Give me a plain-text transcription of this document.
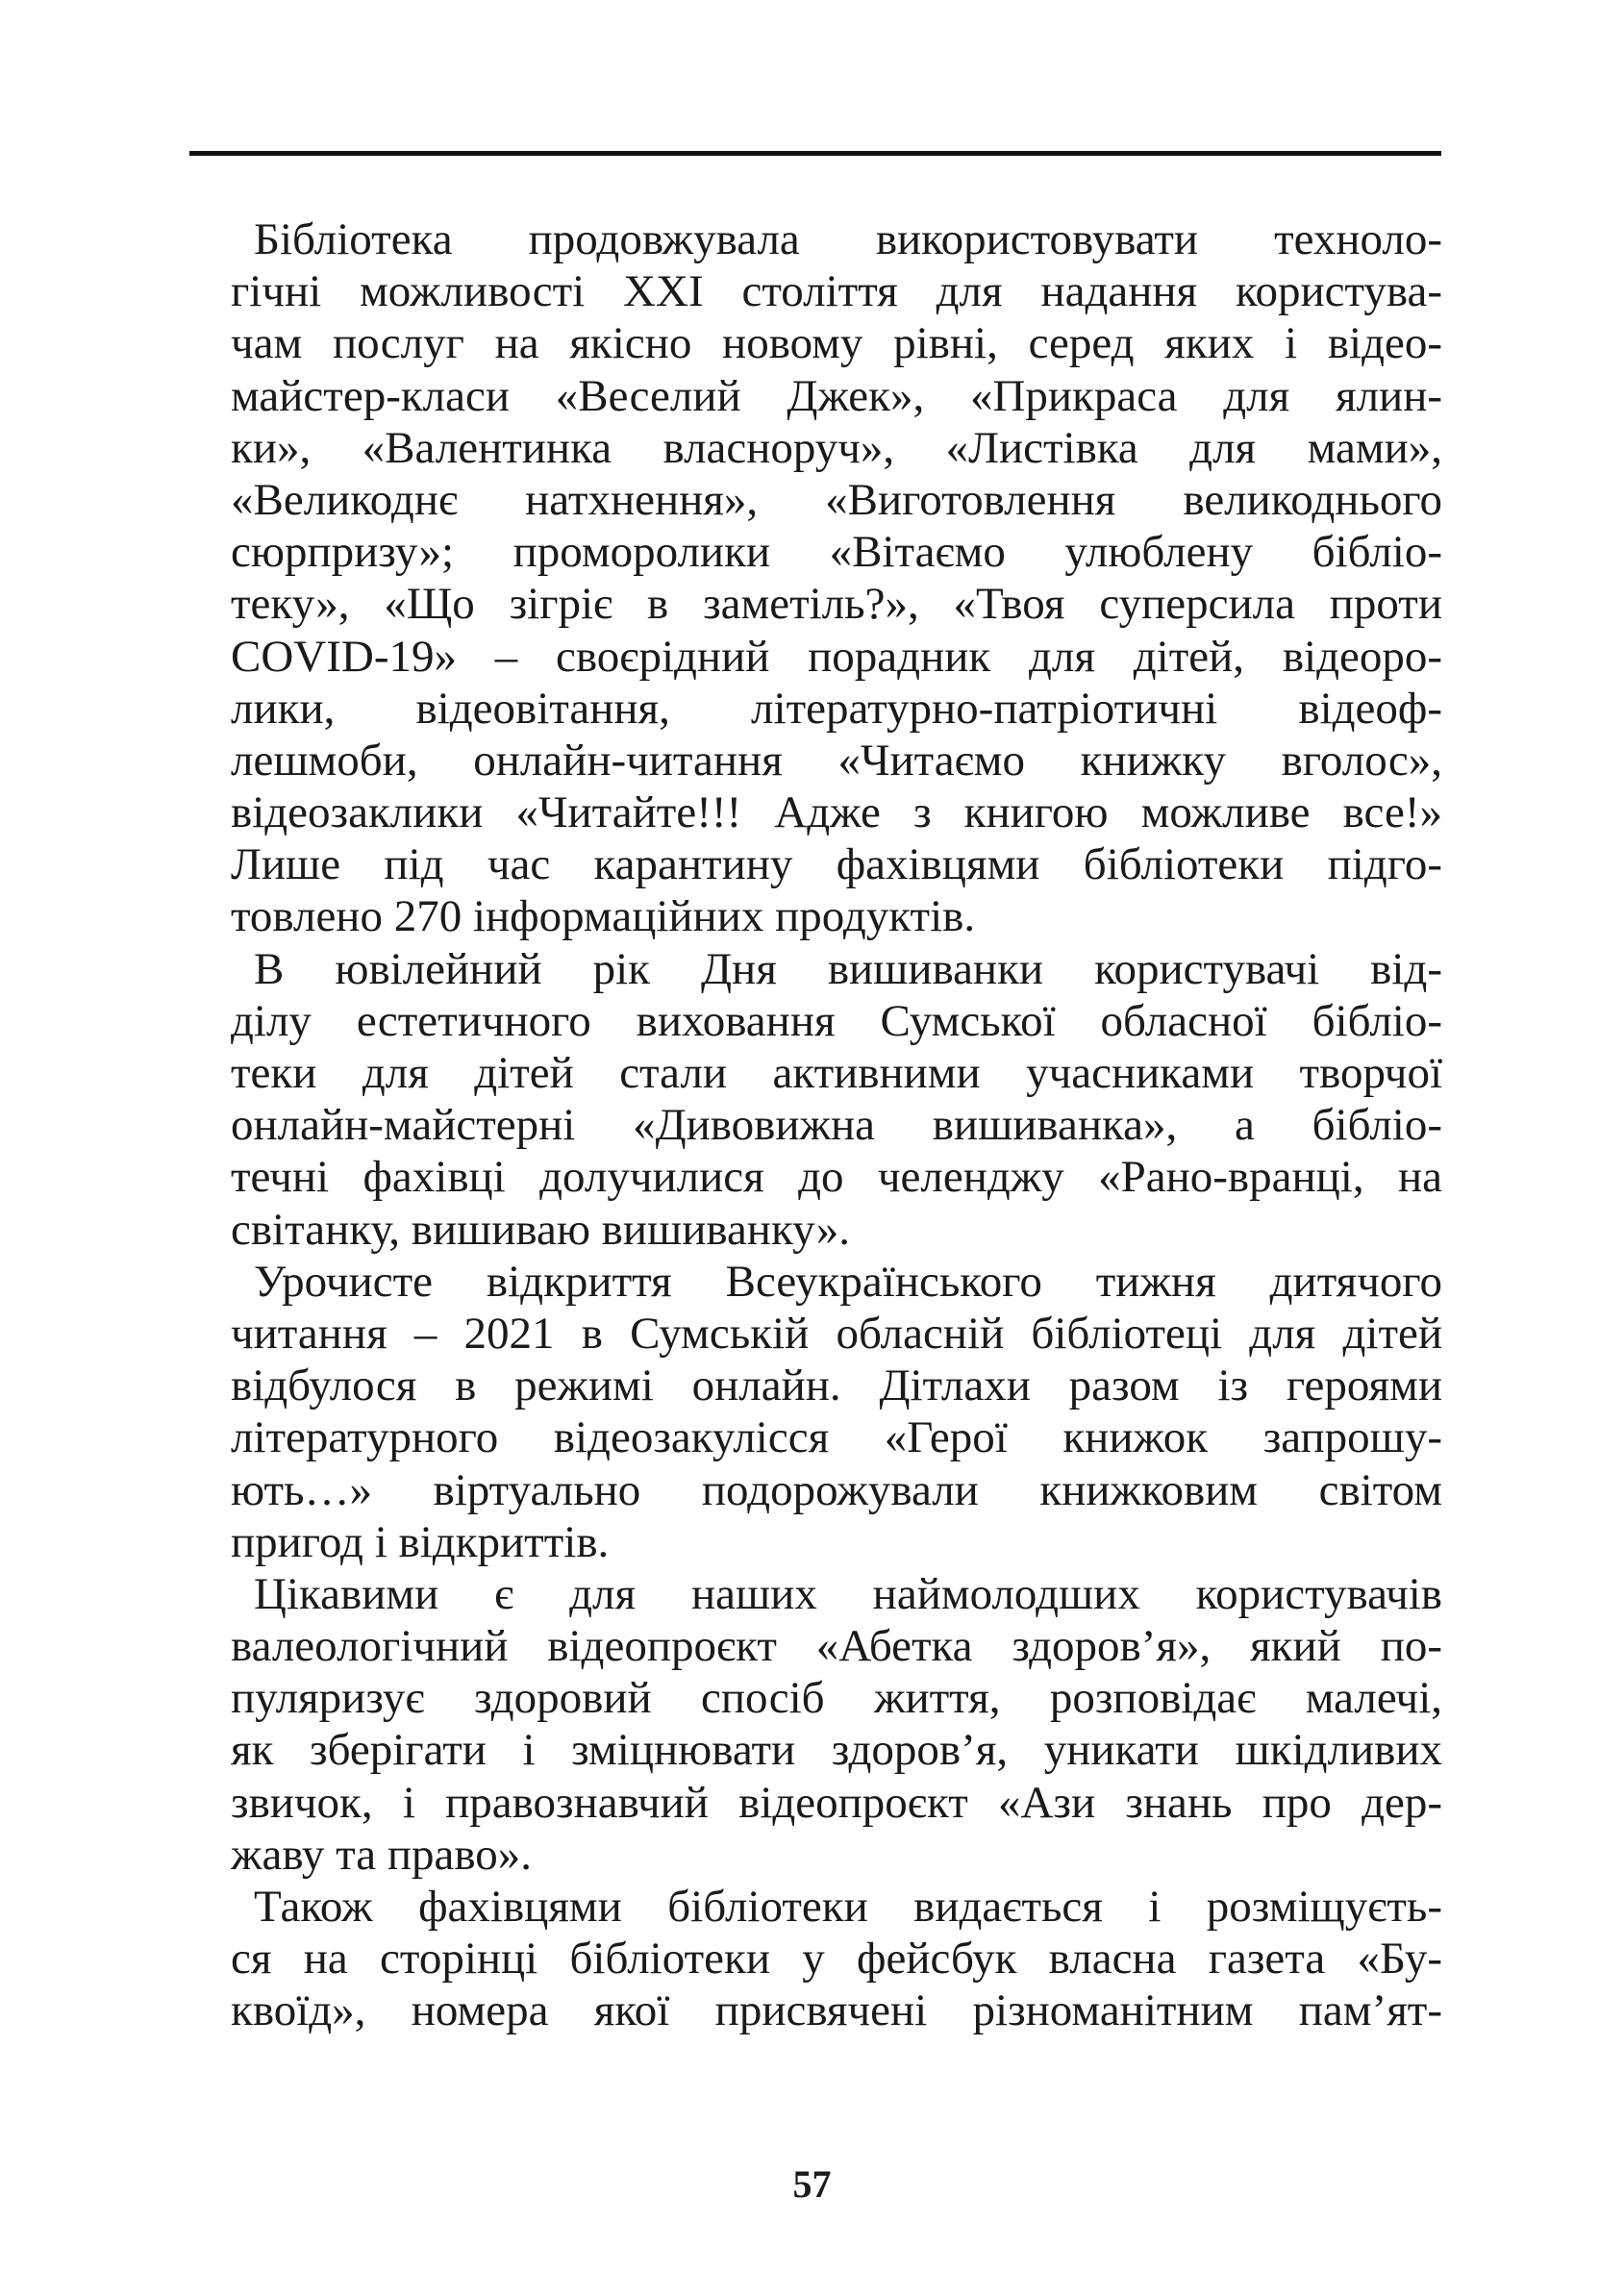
Бібліотека продовжувала використовувати техноло-
гічні можливості XXI століття для надання користува-
чам послуг на якісно новому рівні, серед яких і відео-
майстер-класи «Веселий Джек», «Прикраса для ялин-
ки», «Валентинка власноруч», «Листівка для мами»,
«Великоднє натхнення», «Виготовлення великоднього
сюрпризу»; проморолики «Вітаємо улюблену бібліо-
теку», «Що зігріє в заметіль?», «Твоя суперсила проти
COVID-19» – своєрідний порадник для дітей, відеоро-
лики, відеовітання, літературно-патріотичні відеоф-
лешмоби, онлайн-читання «Читаємо книжку вголос»,
відеозаклики «Читайте!!! Адже з книгою можливе все!»
Лише під час карантину фахівцями бібліотеки підго-
товлено 270 інформаційних продуктів.
В ювілейний рік Дня вишиванки користувачі від-
ділу естетичного виховання Сумської обласної бібліо-
теки для дітей стали активними учасниками творчої
онлайн-майстерні «Дивовижна вишиванка», а бібліо-
течні фахівці долучилися до челенджу «Рано-вранці, на
світанку, вишиваю вишиванку».
Урочисте відкриття Всеукраїнського тижня дитячого
читання – 2021 в Сумській обласній бібліотеці для дітей
відбулося в режимі онлайн. Дітлахи разом із героями
літературного відеозакулісся «Герої книжок запрошу-
ють…» віртуально подорожували книжковим світом
пригод і відкриттів.
Цікавими є для наших наймолодших користувачів
валеологічний відеопроєкт «Абетка здоров’я», який по-
пуляризує здоровий спосіб життя, розповідає малечі,
як зберігати і зміцнювати здоров’я, уникати шкідливих
звичок, і правознавчий відеопроєкт «Ази знань про дер-
жаву та право».
Також фахівцями бібліотеки видається і розміщуєть-
ся на сторінці бібліотеки у фейсбук власна газета «Бу-
квоїд», номера якої присвячені різноманітним пам’ят-
57
